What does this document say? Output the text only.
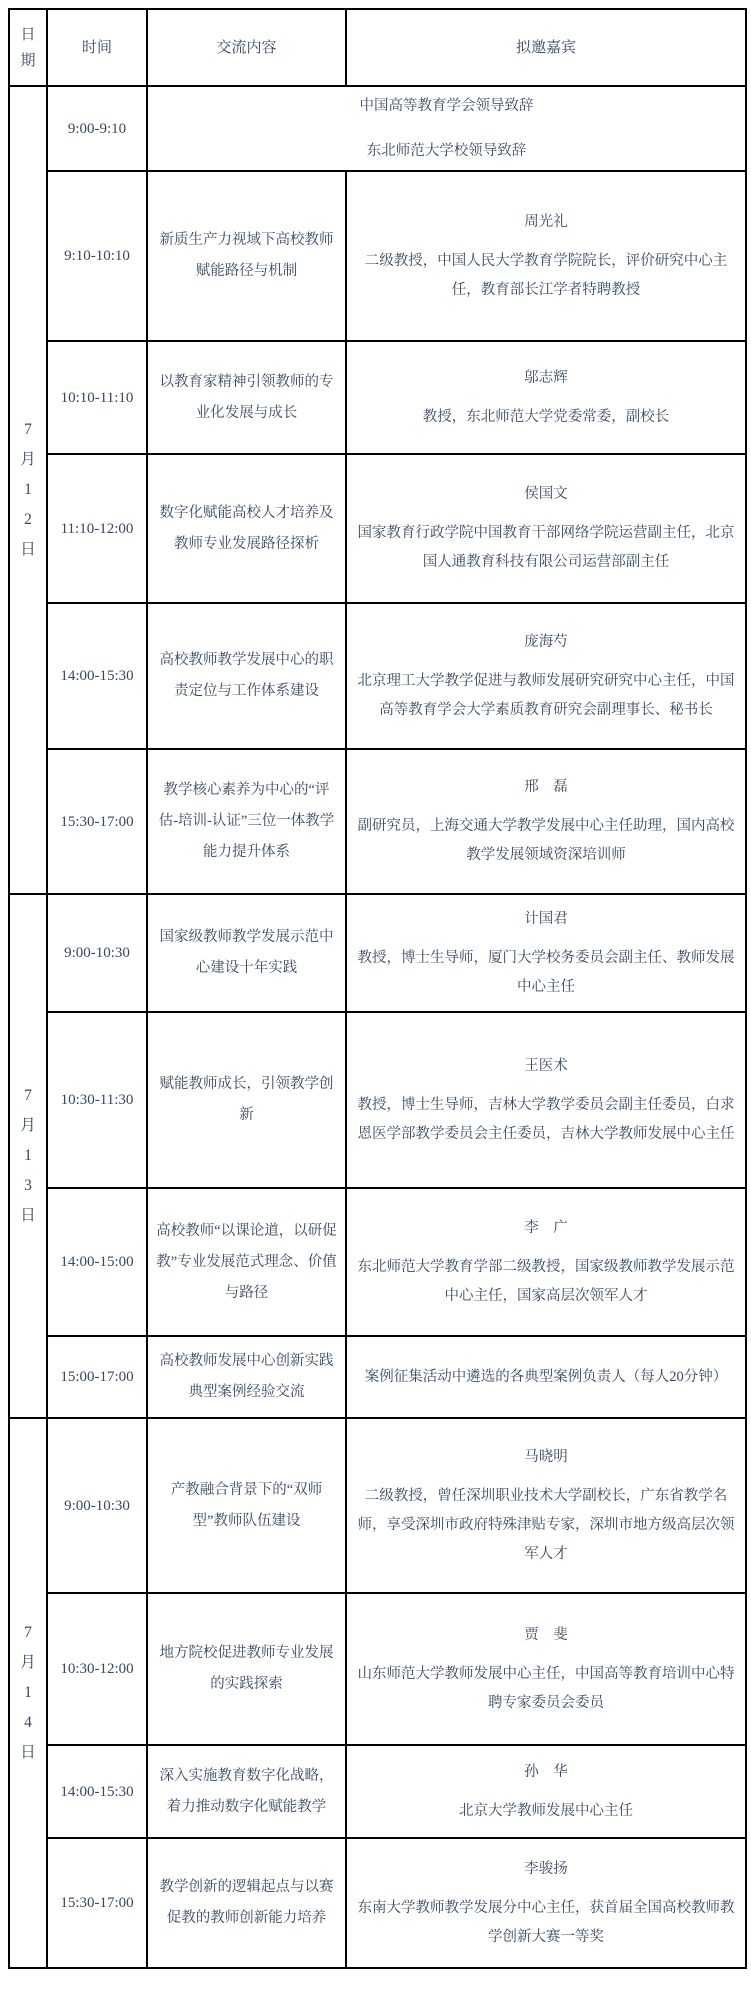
日期	时间	交流内容	拟邀嘉宾

7
月
1
2
日
	9:00-9:10	
中国高等教育学会领导致辞
东北师范大学校领导致辞

	9:10-10:10	新质生产力视域下高校教师赋能路径与机制	周光礼
二级教授，中国人民大学教育学院院长，评价研究中心主任，教育部长江学者特聘教授

	10:10-11:10	以教育家精神引领教师的专业化发展与成长	邬志辉
教授，东北师范大学党委常委，副校长

	11:10-12:00	数字化赋能高校人才培养及教师专业发展路径探析	侯国文
国家教育行政学院中国教育干部网络学院运营副主任，北京国人通教育科技有限公司运营部副主任

	14:00-15:30	高校教师教学发展中心的职责定位与工作体系建设	庞海芍
北京理工大学教学促进与教师发展研究研究中心主任，中国高等教育学会大学素质教育研究会副理事长、秘书长

	15:30-17:00	教学核心素养为中心的“评估-培训-认证”三位一体教学能力提升体系	邢　磊
副研究员，上海交通大学教学发展中心主任助理，国内高校教学发展领域资深培训师

7
月
1
3
日
	9:00-10:30	国家级教师教学发展示范中心建设十年实践	
计国君
教授，博士生导师，厦门大学校务委员会副主任、教师发展中心主任

	10:30-11:30	赋能教师成长，引领教学创新	王医术
教授，博士生导师，吉林大学教学委员会副主任委员，白求恩医学部教学委员会主任委员，吉林大学教师发展中心主任

	14:00-15:00	高校教师“以课论道，以研促教”专业发展范式理念、价值与路径	李　广
东北师范大学教育学部二级教授，国家级教师教学发展示范中心主任，国家高层次领军人才

	15:00-17:00	高校教师发展中心创新实践典型案例经验交流	案例征集活动中遴选的各典型案例负责人（每人20分钟）

7
月
1
4
日
	9:00-10:30	产教融合背景下的“双师型”教师队伍建设	
马晓明
二级教授，曾任深圳职业技术大学副校长，广东省教学名师，享受深圳市政府特殊津贴专家，深圳市地方级高层次领军人才

	10:30-12:00	地方院校促进教师专业发展的实践探索	贾　斐
山东师范大学教师发展中心主任，中国高等教育培训中心特聘专家委员会委员

	14:00-15:30	深入实施教育数字化战略，着力推动数字化赋能教学	孙　华
北京大学教师发展中心主任

	15:30-17:00	教学创新的逻辑起点与以赛促教的教师创新能力培养	李骏扬
东南大学教师教学发展分中心主任，获首届全国高校教师教学创新大赛一等奖
